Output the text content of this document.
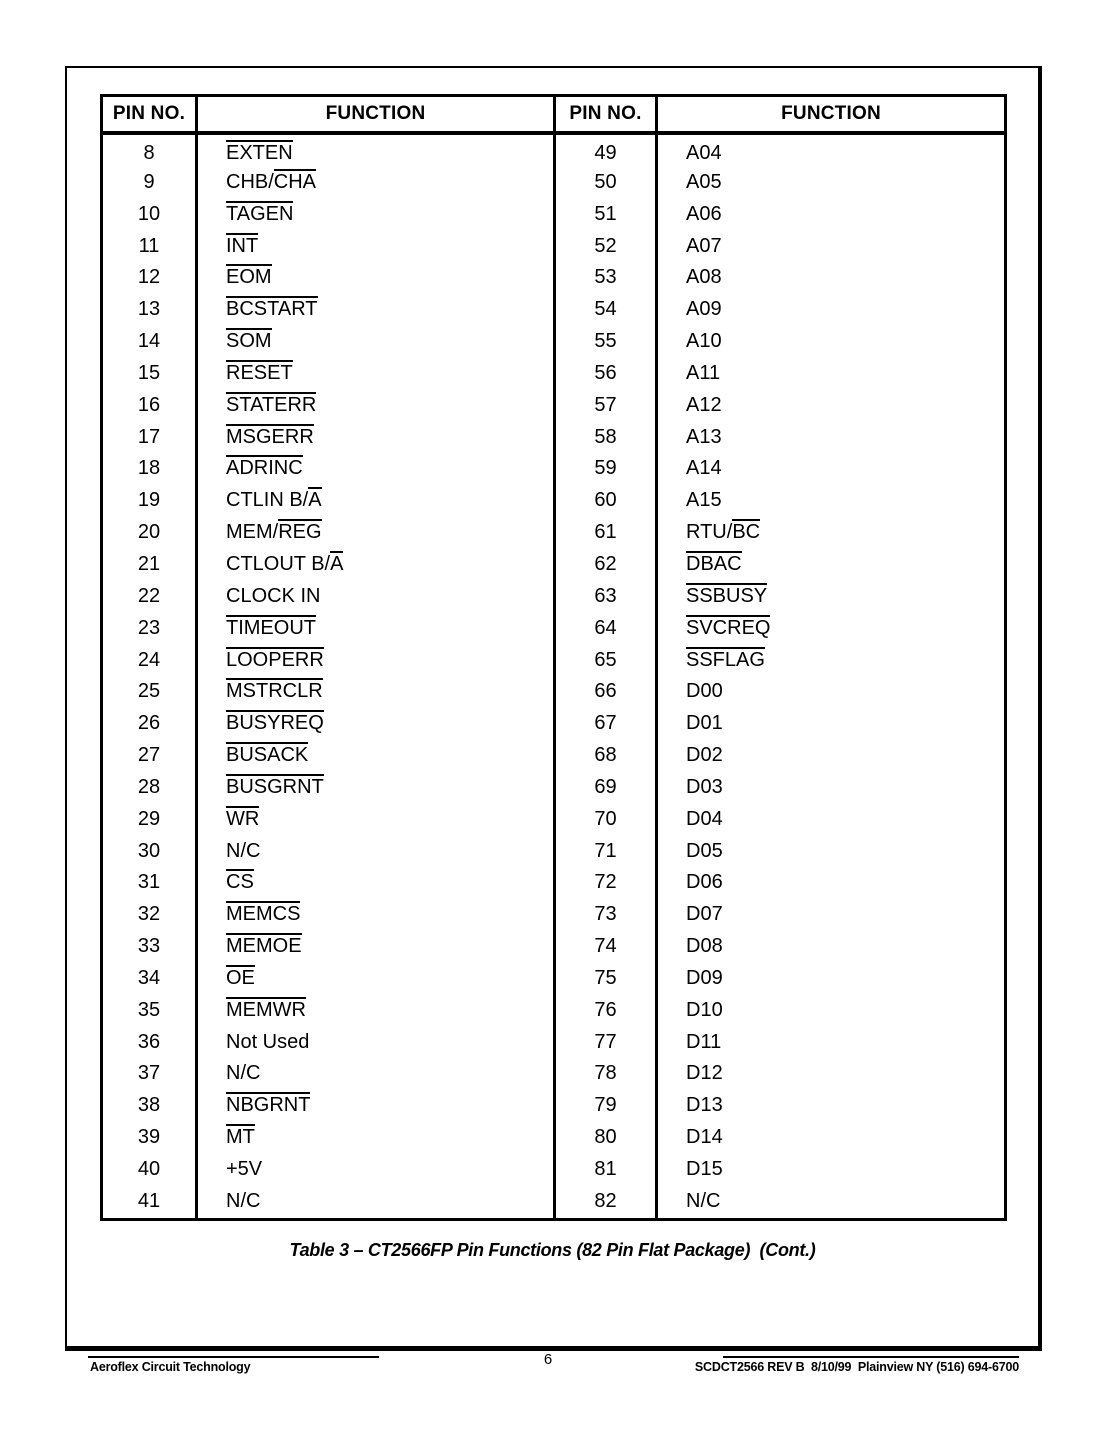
PIN NO.	FUNCTION	PIN NO.	FUNCTION
8	EXTEN	49	A04
9	CHB/CHA	50	A05
10	TAGEN	51	A06
11	INT	52	A07
12	EOM	53	A08
13	BCSTART	54	A09
14	SOM	55	A10
15	RESET	56	A11
16	STATERR	57	A12
17	MSGERR	58	A13
18	ADRINC	59	A14
19	CTLIN B/A	60	A15
20	MEM/REG	61	RTU/BC
21	CTLOUT B/A	62	DBAC
22	CLOCK IN	63	SSBUSY
23	TIMEOUT	64	SVCREQ
24	LOOPERR	65	SSFLAG
25	MSTRCLR	66	D00
26	BUSYREQ	67	D01
27	BUSACK	68	D02
28	BUSGRNT	69	D03
29	WR	70	D04
30	N/C	71	D05
31	CS	72	D06
32	MEMCS	73	D07
33	MEMOE	74	D08
34	OE	75	D09
35	MEMWR	76	D10
36	Not Used	77	D11
37	N/C	78	D12
38	NBGRNT	79	D13
39	MT	80	D14
40	+5V	81	D15
41	N/C	82	N/C
Table 3 – CT2566FP Pin Functions (82 Pin Flat Package)  (Cont.)
Aeroflex Circuit Technology	6	SCDCT2566 REV B  8/10/99  Plainview NY (516) 694-6700
